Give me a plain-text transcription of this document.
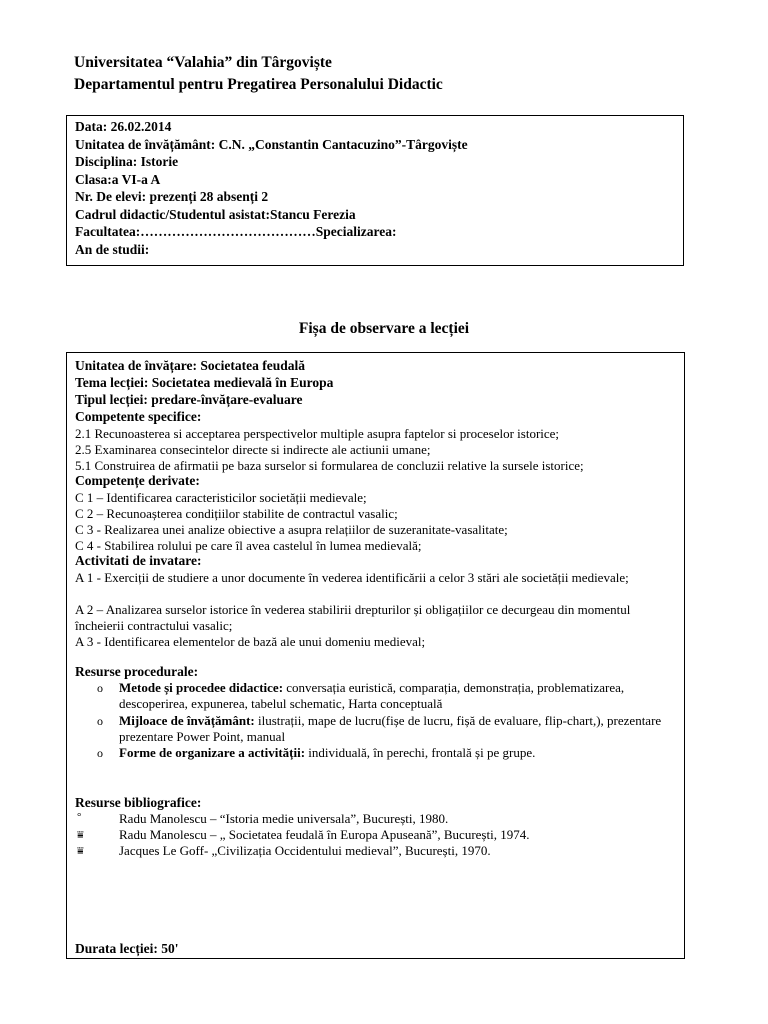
Universitatea “Valahia” din Târgoviște
Departamentul pentru Pregatirea Personalului Didactic
Data: 26.02.2014
Unitatea de învățământ: C.N. „Constantin Cantacuzino”-Târgoviște
Disciplina: Istorie
Clasa:a VI-a A
Nr. De elevi: prezenți 28 absenți 2
Cadrul didactic/Studentul asistat:Stancu Ferezia
Facultatea:…………………………………Specializarea:
An de studii:
Fișa de observare a lecției
Unitatea de învățare: Societatea feudală
Tema lecției: Societatea medievală în Europa
Tipul lecției: predare-învățare-evaluare
Competente specifice:
2.1 Recunoasterea si acceptarea perspectivelor multiple asupra faptelor si proceselor istorice;
2.5 Examinarea consecintelor directe si indirecte ale actiunii umane;
5.1 Construirea de afirmatii pe baza surselor si formularea de concluzii relative la sursele istorice;
Competențe derivate:
C 1 – Identificarea caracteristicilor societății medievale;
C 2 – Recunoașterea condițiilor stabilite de contractul vasalic;
C 3 - Realizarea unei analize obiective a asupra relațiilor de suzeranitate-vasalitate;
C 4 - Stabilirea rolului pe care îl avea castelul în lumea medievală;
Activitati de invatare:
A 1 - Exerciții de studiere a unor documente în vederea identificării a celor 3 stări ale societății medievale;
A 2 – Analizarea surselor istorice în vederea stabilirii drepturilor și obligațiilor ce decurgeau din momentul încheierii contractului vasalic;
A 3 - Identificarea elementelor de bază ale unui domeniu medieval;
Resurse procedurale:
o Metode și procedee didactice: conversația euristică, comparația, demonstrația, problematizarea, descoperirea, expunerea, tabelul schematic, Harta conceptuală
o Mijloace de învățământ: ilustrații, mape de lucru(fișe de lucru, fișă de evaluare, flip-chart,), prezentare prezentare Power Point, manual
o Forme de organizare a activității: individuală, în perechi, frontală și pe grupe.
Resurse bibliografice:
°	Radu Manolescu – “Istoria medie universala”, București, 1980.
⩸	Radu Manolescu – „ Societatea feudală în Europa Apuseană”, București, 1974.
⩸	Jacques Le Goff- „Civilizația Occidentului medieval”, București, 1970.
Durata lecției: 50'
